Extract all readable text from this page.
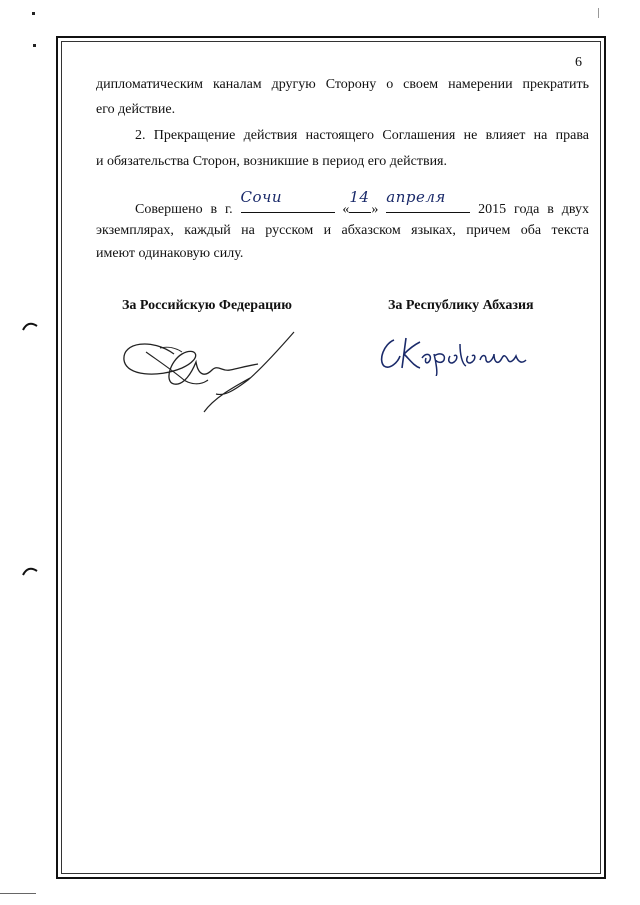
6
дипломатическим каналам другую Сторону о своем намерении прекратить
его действие.
2. Прекращение действия настоящего Соглашения не влияет на права
и обязательства Сторон, возникшие в период его действия.
Совершено в г.
Сочи
«
14
»
апреля
2015 года в двух
экземплярах, каждый на русском и абхазском языках, причем оба текста
имеют одинаковую силу.
За Российскую Федерацию	За Республику Абхазия
